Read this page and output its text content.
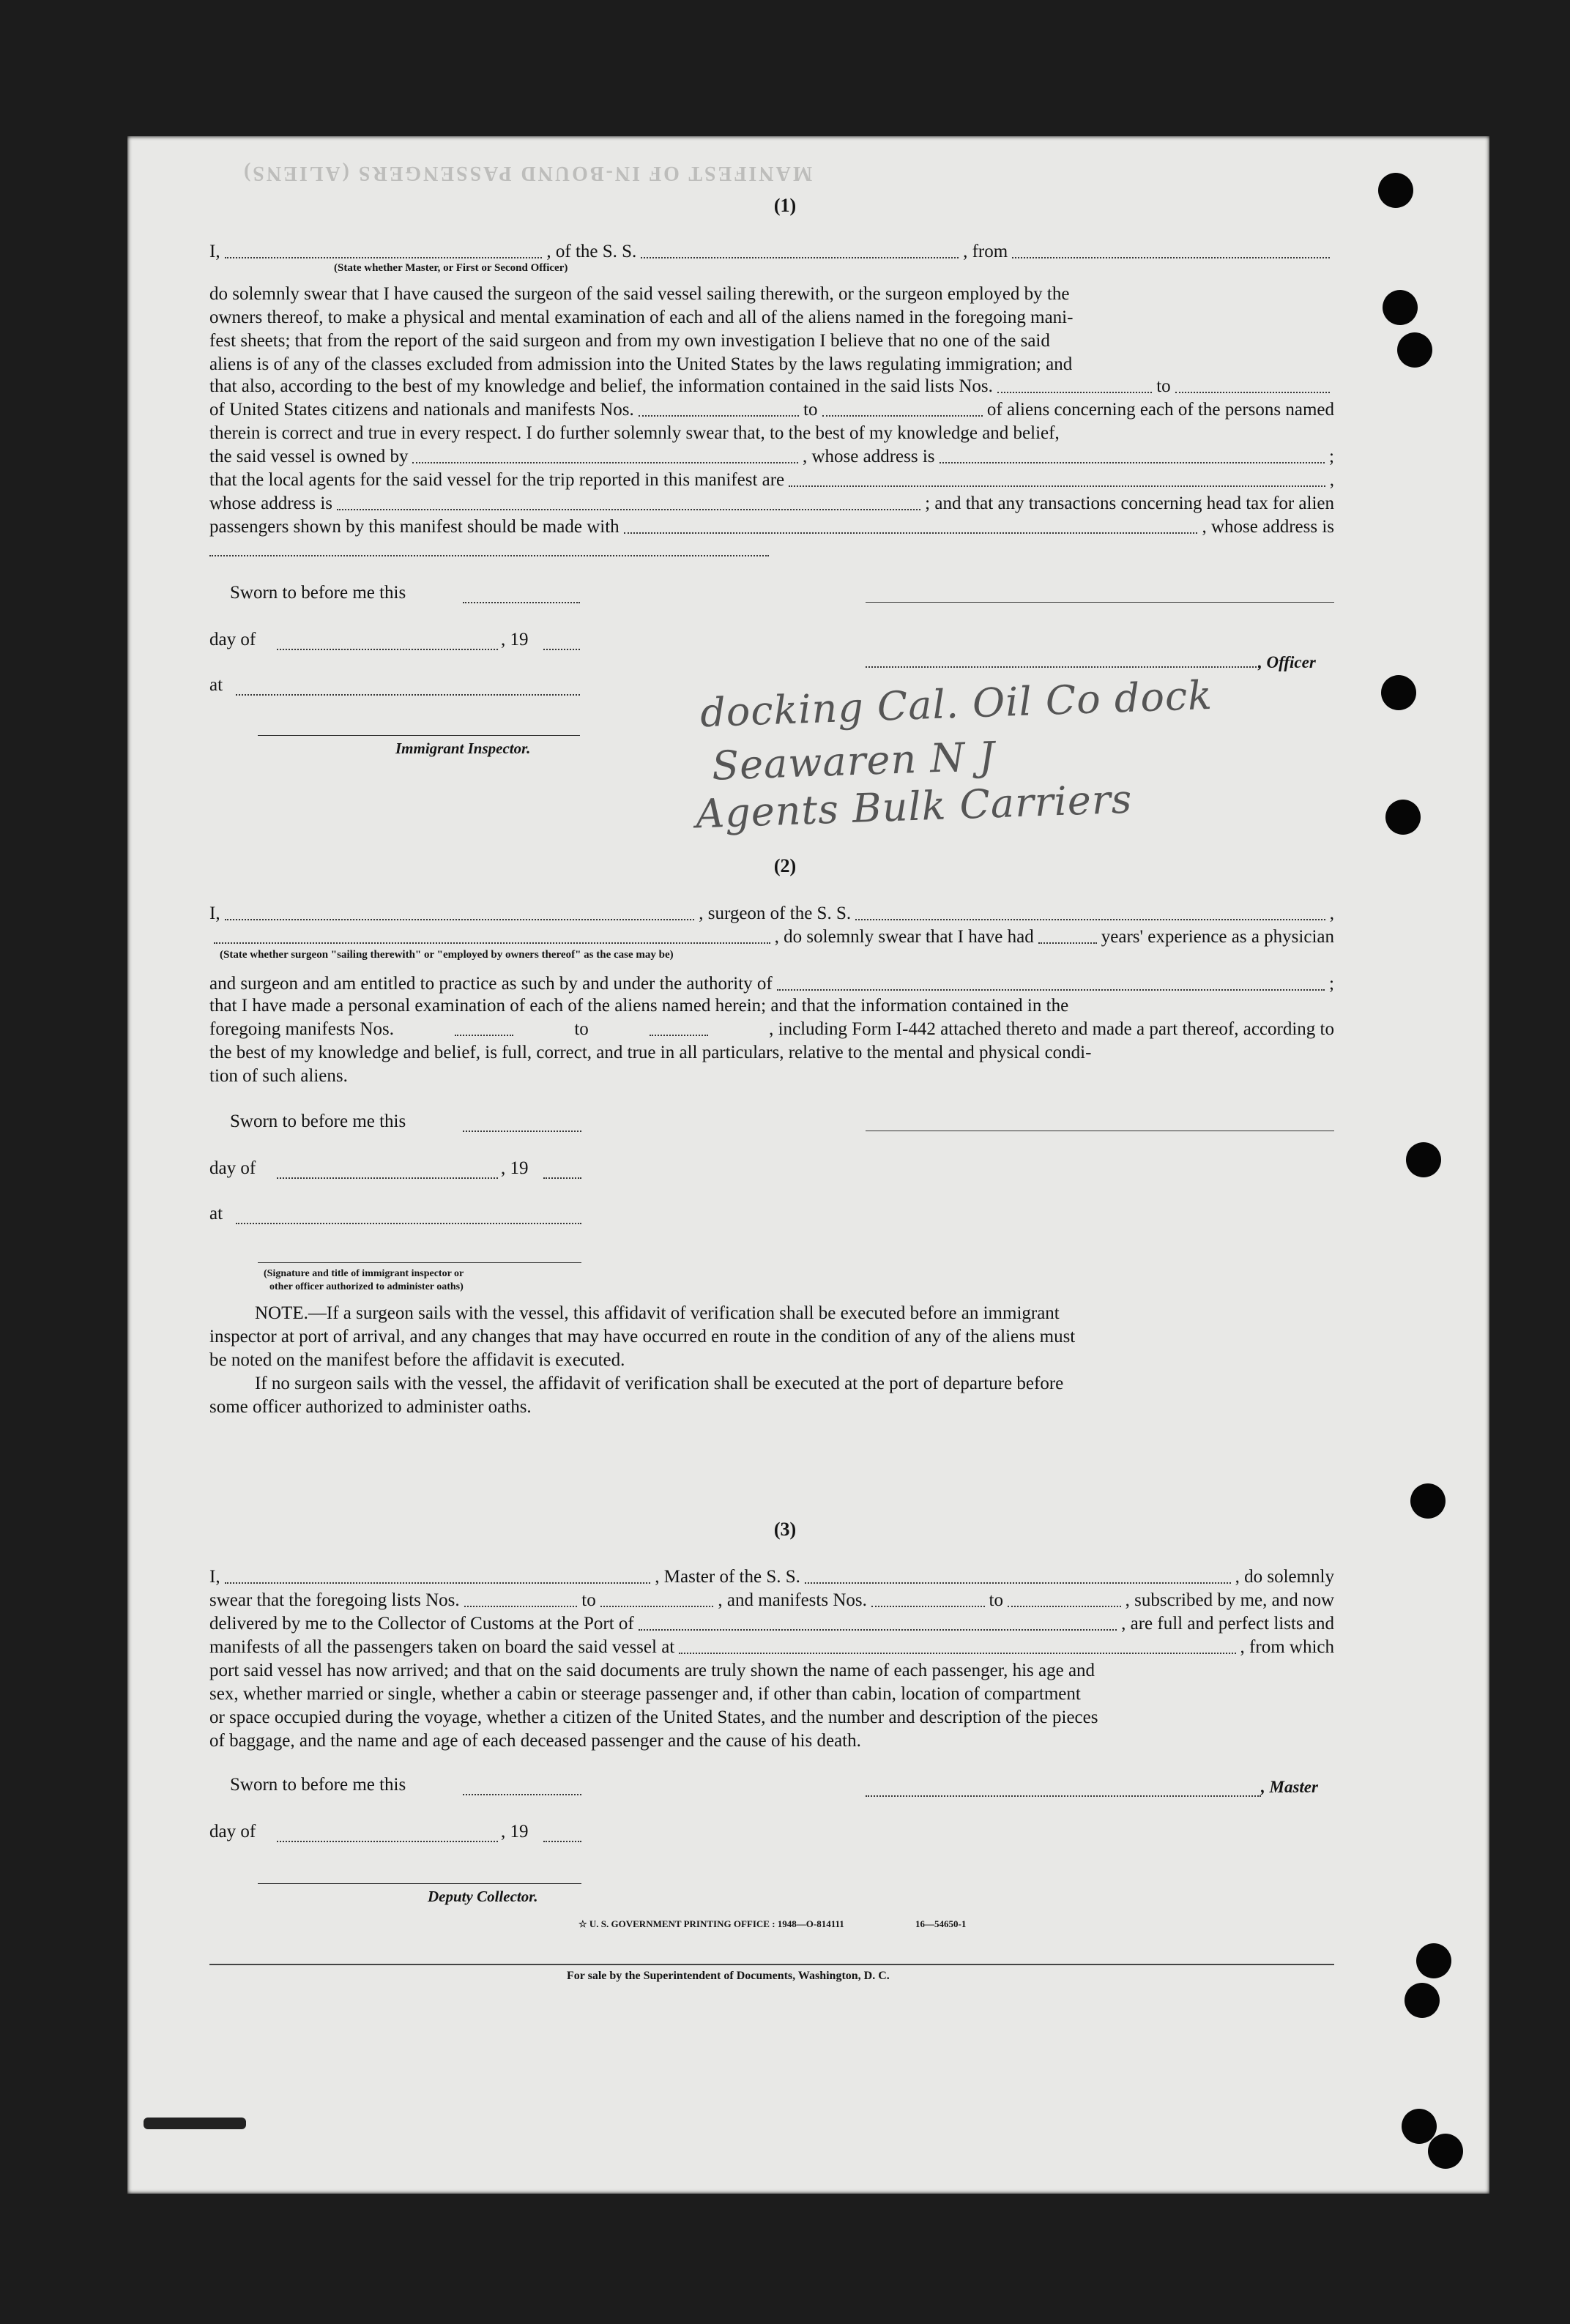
MANIFEST OF IN-BOUND PASSENGERS (ALIENS)
(1)
I,	, of the S. S.	, from
(State whether Master, or First or Second Officer)
do solemnly swear that I have caused the surgeon of the said vessel sailing therewith, or the surgeon employed by the
owners thereof, to make a physical and mental examination of each and all of the aliens named in the foregoing mani-
fest sheets; that from the report of the said surgeon and from my own investigation I believe that no one of the said
aliens is of any of the classes excluded from admission into the United States by the laws regulating immigration; and
that also, according to the best of my knowledge and belief, the information contained in the said lists Nos.	to
of United States citizens and nationals and manifests Nos.	to	of aliens concerning each of the persons named
therein is correct and true in every respect. I do further solemnly swear that, to the best of my knowledge and belief,
the said vessel is owned by	, whose address is	;
that the local agents for the said vessel for the trip reported in this manifest are	,
whose address is	; and that any transactions concerning head tax for alien
passengers shown by this manifest should be made with	, whose address is
Sworn to before me this
day of	, 19
, Officer
at
Immigrant Inspector.
docking Cal. Oil Co dock
Seawaren N J
Agents Bulk Carriers
(2)
I,	, surgeon of the S. S.	,
, do solemnly swear that I have had	years' experience as a physician
(State whether surgeon "sailing therewith" or "employed by owners thereof" as the case may be)
and surgeon and am entitled to practice as such by and under the authority of	;
that I have made a personal examination of each of the aliens named herein; and that the information contained in the
foregoing manifests Nos.	to	, including Form I-442 attached thereto and made a part thereof, according to
the best of my knowledge and belief, is full, correct, and true in all particulars, relative to the mental and physical condi-
tion of such aliens.
Sworn to before me this
day of	, 19
at
(Signature and title of immigrant inspector or
other officer authorized to administer oaths)
NOTE.—If a surgeon sails with the vessel, this affidavit of verification shall be executed before an immigrant
inspector at port of arrival, and any changes that may have occurred en route in the condition of any of the aliens must
be noted on the manifest before the affidavit is executed.
If no surgeon sails with the vessel, the affidavit of verification shall be executed at the port of departure before
some officer authorized to administer oaths.
(3)
I,	, Master of the S. S.	, do solemnly
swear that the foregoing lists Nos.	to	, and manifests Nos.	to	, subscribed by me, and now
delivered by me to the Collector of Customs at the Port of	, are full and perfect lists and
manifests of all the passengers taken on board the said vessel at	, from which
port said vessel has now arrived; and that on the said documents are truly shown the name of each passenger, his age and
sex, whether married or single, whether a cabin or steerage passenger and, if other than cabin, location of compartment
or space occupied during the voyage, whether a citizen of the United States, and the number and description of the pieces
of baggage, and the name and age of each deceased passenger and the cause of his death.
Sworn to before me this	, Master
day of	, 19
Deputy Collector.
☆ U. S. GOVERNMENT PRINTING OFFICE : 1948—O-814111	16—54650-1
For sale by the Superintendent of Documents, Washington, D. C.
